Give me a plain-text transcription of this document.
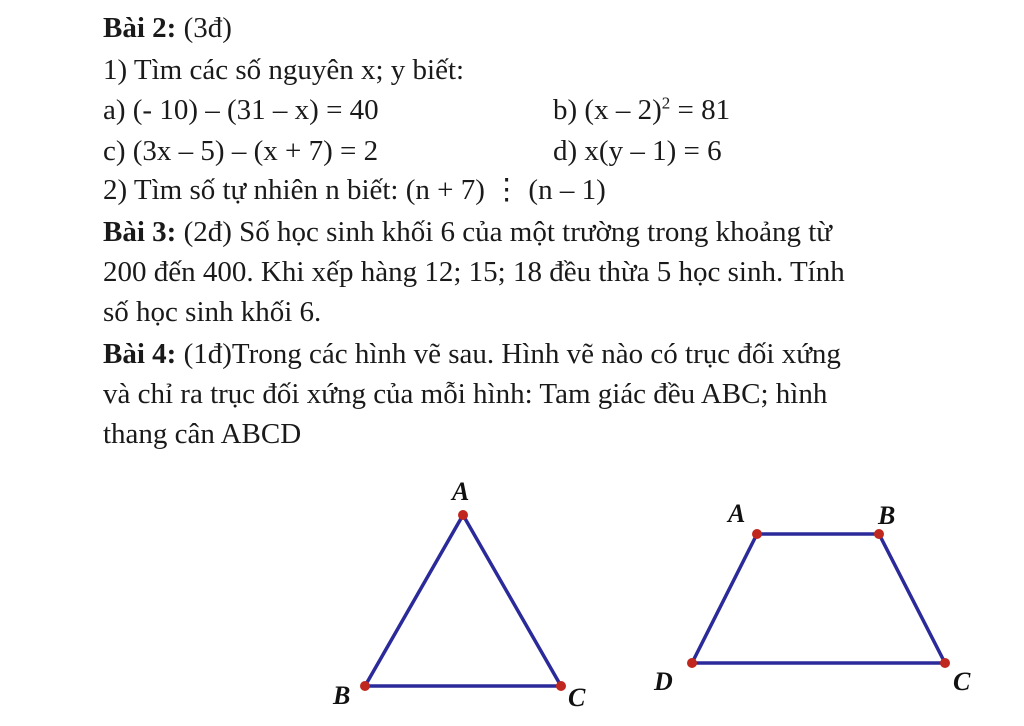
Bài 2: (3đ)
1) Tìm các số nguyên x; y biết:
a) (- 10) – (31 – x) = 40	b) (x – 2)$^2$ = 81
c) (3x – 5) – (x + 7) = 2	d) x(y – 1) = 6
2) Tìm số tự nhiên n biết: (n + 7) ⋮ (n – 1)
Bài 3: (2đ) Số học sinh khối 6 của một trường trong khoảng từ
200 đến 400. Khi xếp hàng 12; 15; 18 đều thừa 5 học sinh. Tính
số học sinh khối 6.
Bài 4: (1đ)Trong các hình vẽ sau. Hình vẽ nào có trục đối xứng
và chỉ ra trục đối xứng của mỗi hình: Tam giác đều ABC; hình
thang cân ABCD
A
B	C
A	B
C
D
